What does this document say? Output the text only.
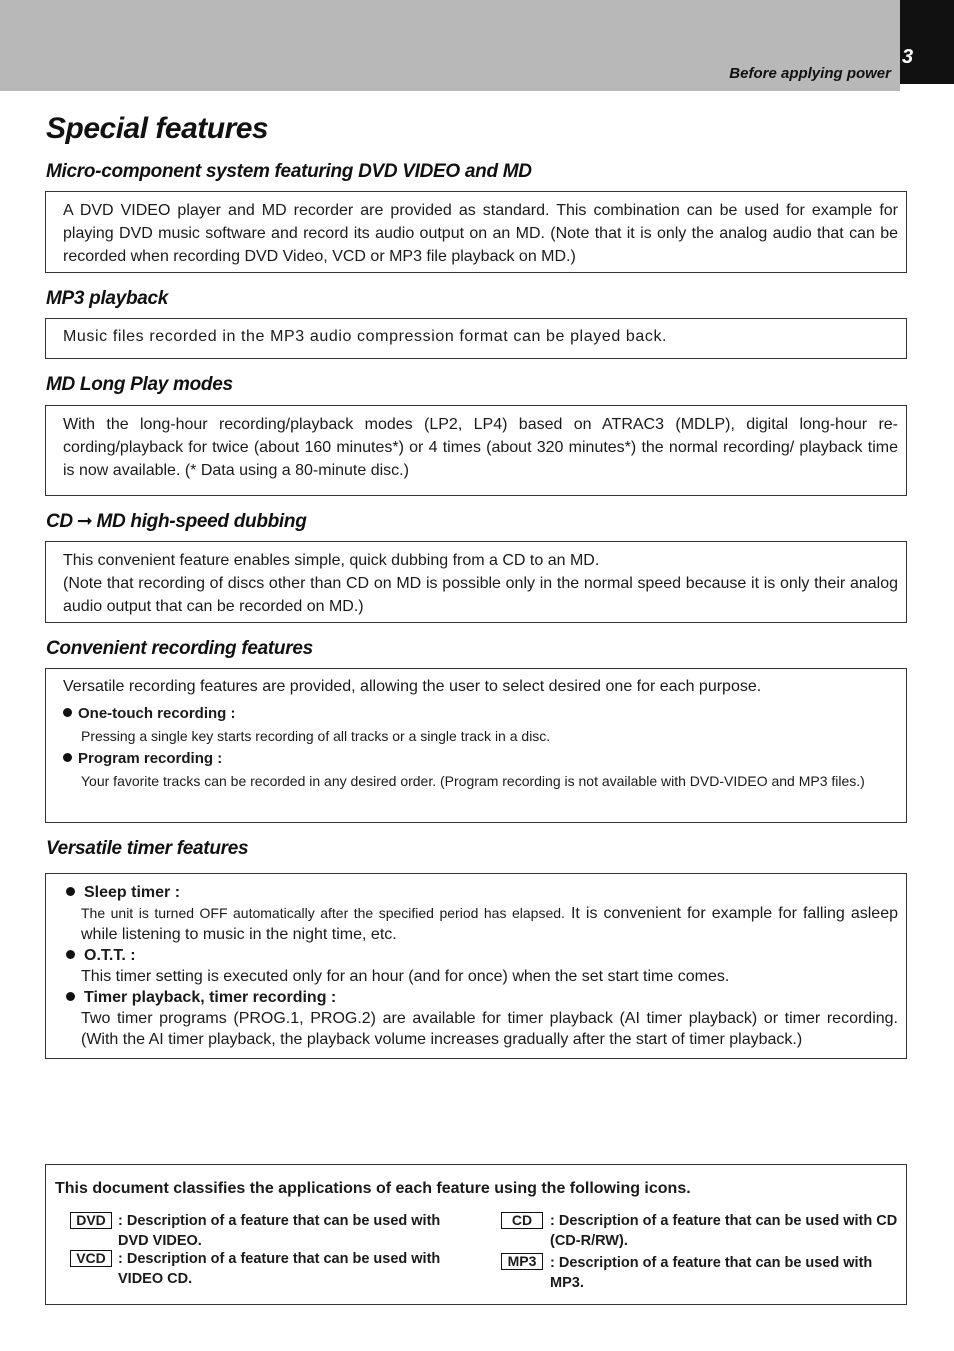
3
Before applying power
Special features
Micro-component system featuring DVD VIDEO and MD

A DVD VIDEO player and MD recorder are provided as standard. This combination can be used for example for playing DVD music software and record its audio output on an MD. (Note that it is only the analog audio that can be recorded when recording DVD Video, VCD or MP3 file playback on MD.)

MP3 playback

Music files recorded in the MP3 audio compression format can be played back.

MD Long Play modes

With the long-hour recording/playback modes (LP2, LP4) based on ATRAC3 (MDLP), digital long-hour re-cording/playback for twice (about 160 minutes*) or 4 times (about 320 minutes*) the normal recording/ playback time is now available. (* Data using a 80-minute disc.)

CD ➞ MD high-speed dubbing

This convenient feature enables simple, quick dubbing from a CD to an MD.

(Note that recording of discs other than CD on MD is possible only in the normal speed because it is only their analog audio output that can be recorded on MD.)

Convenient recording features

Versatile recording features are provided, allowing the user to select desired one for each purpose.

One-touch recording :

Pressing a single key starts recording of all tracks or a single track in a disc.

Program recording :

Your favorite tracks can be recorded in any desired order. (Program recording is not available with DVD-VIDEO and MP3 files.)

Versatile timer features

Sleep timer :

The unit is turned OFF automatically after the specified period has elapsed. It is convenient for example for falling asleep while listening to music in the night time, etc.

O.T.T. :

This timer setting is executed only for an hour (and for once) when the set start time comes.

Timer playback, timer recording :

Two timer programs (PROG.1, PROG.2) are available for timer playback (AI timer playback) or timer recording. (With the AI timer playback, the playback volume increases gradually after the start of timer playback.)

This document classifies the applications of each feature using the following icons.

DVD : Description of a feature that can be used with DVD VIDEO.
VCD : Description of a feature that can be used with VIDEO CD.
CD	: Description of a feature that can be used with CD (CD-R/RW).
MP3 : Description of a feature that can be used with MP3.
